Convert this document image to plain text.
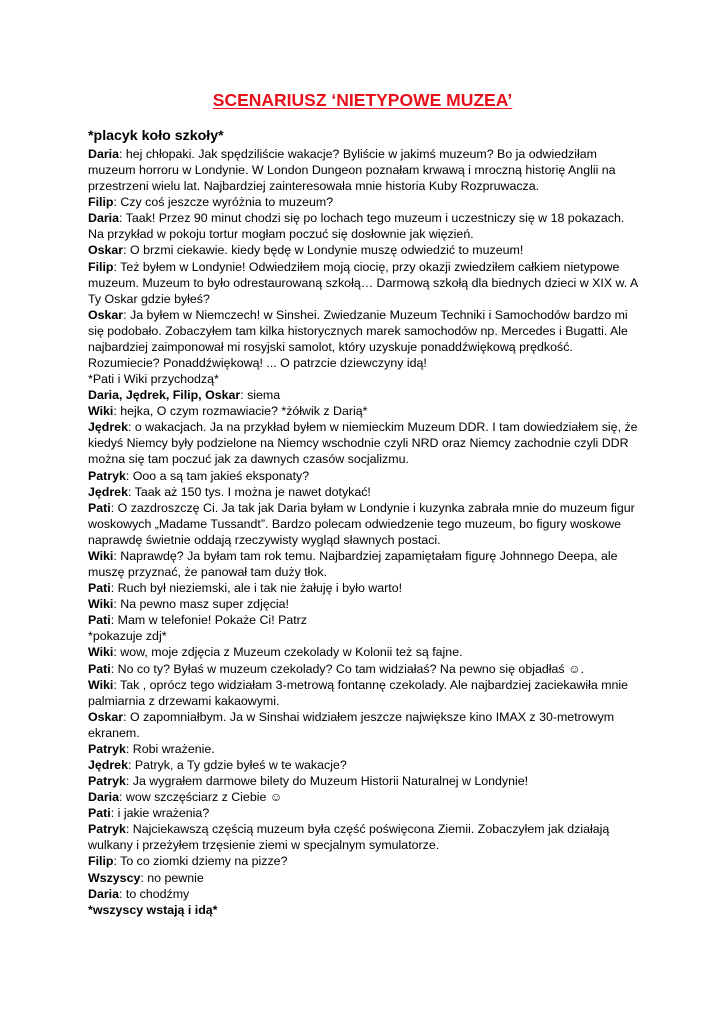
SCENARIUSZ ‘NIETYPOWE MUZEA’
*placyk koło szkoły*

Daria: hej chłopaki. Jak spędziliście wakacje? Byliście w jakimś muzeum? Bo ja odwiedziłam muzeum horroru w Londynie. W London Dungeon poznałam krwawą i mroczną historię Anglii na przestrzeni wielu lat. Najbardziej zainteresowała mnie historia Kuby Rozpruwacza.

Filip: Czy coś jeszcze wyróżnia to muzeum?

Daria: Taak! Przez 90 minut chodzi się po lochach tego muzeum i uczestniczy się w 18 pokazach. Na przykład w pokoju tortur mogłam poczuć się dosłownie jak więzień.

Oskar: O brzmi ciekawie. kiedy będę w Londynie muszę odwiedzić to muzeum!

Filip: Też byłem w Londynie! Odwiedziłem moją ciocię, przy okazji zwiedziłem całkiem nietypowe muzeum. Muzeum to było odrestaurowaną szkołą… Darmową szkołą dla biednych dzieci w XIX w. A Ty Oskar gdzie byłeś?

Oskar: Ja byłem w Niemczech! w Sinshei. Zwiedzanie Muzeum Techniki i Samochodów bardzo mi się podobało. Zobaczyłem tam kilka historycznych marek samochodów np. Mercedes i Bugatti. Ale najbardziej zaimponował mi rosyjski samolot, który uzyskuje ponaddźwiękową prędkość. Rozumiecie? Ponaddźwiękową! ... O patrzcie dziewczyny idą!

*Pati i Wiki przychodzą*

Daria, Jędrek, Filip, Oskar: siema

Wiki: hejka, O czym rozmawiacie? *żółwik z Darią*

Jędrek: o wakacjach. Ja na przykład byłem w niemieckim Muzeum DDR. I tam dowiedziałem się, że kiedyś Niemcy były podzielone na Niemcy wschodnie czyli NRD oraz Niemcy zachodnie czyli DDR można się tam poczuć jak za dawnych czasów socjalizmu.

Patryk: Ooo a są tam jakieś eksponaty?

Jędrek: Taak aż 150 tys. I można je nawet dotykać!

Pati: O zazdroszczę Ci. Ja tak jak Daria byłam w Londynie i kuzynka zabrała mnie do muzeum figur woskowych „Madame Tussandt”. Bardzo polecam odwiedzenie tego muzeum, bo figury woskowe naprawdę świetnie oddają rzeczywisty wygląd sławnych postaci.

Wiki: Naprawdę? Ja byłam tam rok temu. Najbardziej zapamiętałam figurę Johnnego Deepa, ale muszę przyznać, że panował tam duży tłok.

Pati: Ruch był nieziemski, ale i tak nie żałuję i było warto!

Wiki: Na pewno masz super zdjęcia!

Pati: Mam w telefonie! Pokaże Ci! Patrz

*pokazuje zdj*

Wiki: wow, moje zdjęcia z Muzeum czekolady w Kolonii też są fajne.

Pati: No co ty? Byłaś w muzeum czekolady? Co tam widziałaś? Na pewno się objadłaś ☺.

Wiki: Tak , oprócz tego widziałam 3-metrową fontannę czekolady. Ale najbardziej zaciekawiła mnie palmiarnia z drzewami kakaowymi.

Oskar: O zapomniałbym. Ja w Sinshai widziałem jeszcze największe kino IMAX z 30-metrowym ekranem.

Patryk: Robi wrażenie.

Jędrek: Patryk, a Ty gdzie byłeś w te wakacje?

Patryk: Ja wygrałem darmowe bilety do Muzeum Historii Naturalnej w Londynie!

Daria: wow szczęściarz z Ciebie ☺

Pati: i jakie wrażenia?

Patryk: Najciekawszą częścią muzeum była część poświęcona Ziemii. Zobaczyłem jak działają wulkany i przeżyłem trzęsienie ziemi w specjalnym symulatorze.

Filip: To co ziomki dziemy na pizze?

Wszyscy: no pewnie

Daria: to chodźmy

*wszyscy wstają i idą*
